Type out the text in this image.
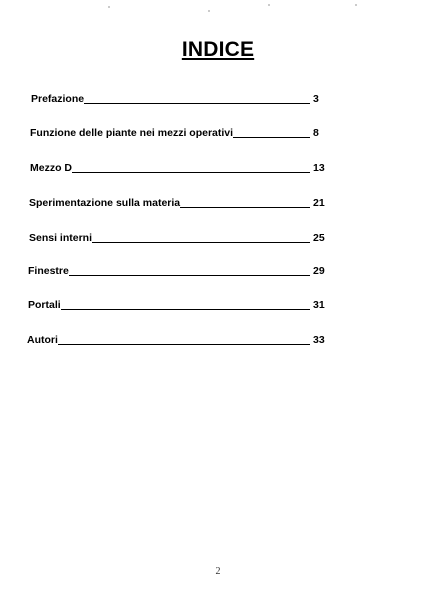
INDICE
Prefazione	3
Funzione delle piante nei mezzi operativi	8
Mezzo D	13
Sperimentazione sulla materia	21
Sensi interni	25
Finestre	29
Portali	31
Autori	33
2
